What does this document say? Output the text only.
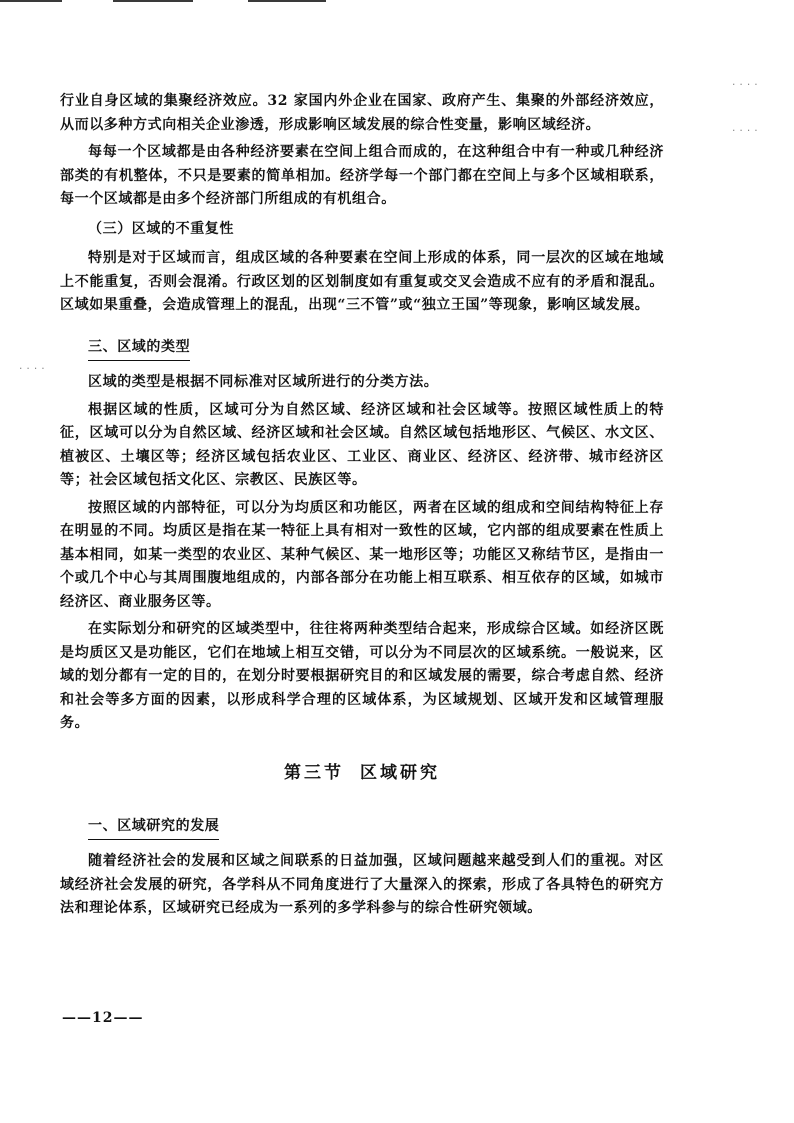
....
....
....

行业自身区域的集聚经济效应。32 家国内外企业在国家、政府产生、集聚的外部经济效应，从而以多种方式向相关企业渗透，形成影响区域发展的综合性变量，影响区域经济。

每每一个区域都是由各种经济要素在空间上组合而成的，在这种组合中有一种或几种经济部类的有机整体，不只是要素的简单相加。经济学每一个部门都在空间上与多个区域相联系，每一个区域都是由多个经济部门所组成的有机组合。

（三）区域的不重复性

特别是对于区域而言，组成区域的各种要素在空间上形成的体系，同一层次的区域在地域上不能重复，否则会混淆。行政区划的区划制度如有重复或交叉会造成不应有的矛盾和混乱。区域如果重叠，会造成管理上的混乱，出现“三不管”或“独立王国”等现象，影响区域发展。

三、区域的类型

区域的类型是根据不同标准对区域所进行的分类方法。

根据区域的性质，区域可分为自然区域、经济区域和社会区域等。按照区域性质上的特征，区域可以分为自然区域、经济区域和社会区域。自然区域包括地形区、气候区、水文区、植被区、土壤区等；经济区域包括农业区、工业区、商业区、经济区、经济带、城市经济区等；社会区域包括文化区、宗教区、民族区等。

按照区域的内部特征，可以分为均质区和功能区，两者在区域的组成和空间结构特征上存在明显的不同。均质区是指在某一特征上具有相对一致性的区域，它内部的组成要素在性质上基本相同，如某一类型的农业区、某种气候区、某一地形区等；功能区又称结节区，是指由一个或几个中心与其周围腹地组成的，内部各部分在功能上相互联系、相互依存的区域，如城市经济区、商业服务区等。

在实际划分和研究的区域类型中，往往将两种类型结合起来，形成综合区域。如经济区既是均质区又是功能区，它们在地域上相互交错，可以分为不同层次的区域系统。一般说来，区域的划分都有一定的目的，在划分时要根据研究目的和区域发展的需要，综合考虑自然、经济和社会等多方面的因素，以形成科学合理的区域体系，为区域规划、区域开发和区域管理服务。

第三节 区域研究
一、区域研究的发展

随着经济社会的发展和区域之间联系的日益加强，区域问题越来越受到人们的重视。对区域经济社会发展的研究，各学科从不同角度进行了大量深入的探索，形成了各具特色的研究方法和理论体系，区域研究已经成为一系列的多学科参与的综合性研究领域。

——12——
